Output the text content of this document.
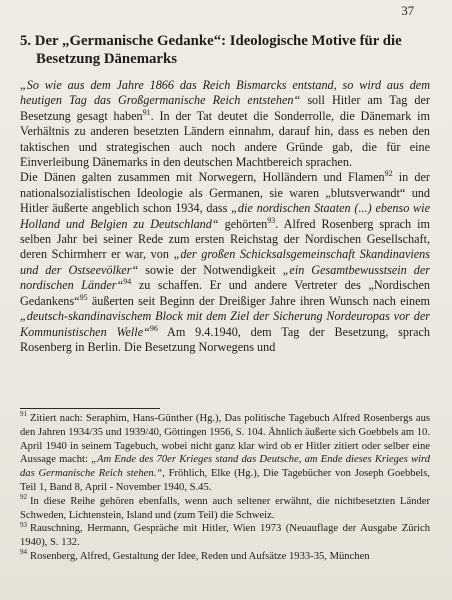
37
5. Der „Germanische Gedanke“: Ideologische Motive für die
Besetzung Dänemarks

„So wie aus dem Jahre 1866 das Reich Bismarcks entstand, so wird aus dem heutigen Tag das Großgermanische Reich entstehen“ soll Hitler am Tag der Besetzung gesagt haben$^{91}$. In der Tat deutet die Sonderrolle, die Dänemark im Verhältnis zu anderen besetzten Ländern einnahm, darauf hin, dass es neben den taktischen und strategischen auch noch andere Gründe gab, die für eine Einverleibung Dänemarks in den deutschen Machtbereich sprachen.

Die Dänen galten zusammen mit Norwegern, Holländern und Flamen$^{92}$ in der nationalsozialistischen Ideologie als Germanen, sie waren „blutsverwandt“ und Hitler äußerte angeblich schon 1934, dass „die nordischen Staaten (...) ebenso wie Holland und Belgien zu Deutschland“ gehörten$^{93}$. Alfred Rosenberg sprach im selben Jahr bei seiner Rede zum ersten Reichstag der Nordischen Gesellschaft, deren Schirmherr er war, von „der großen Schicksalsgemeinschaft Skandinaviens und der Ostseevölker“ sowie der Notwendigkeit „ein Gesamtbewusstsein der nordischen Länder“$^{94}$ zu schaffen. Er und andere Vertreter des „Nordischen Gedankens“$^{95}$ äußerten seit Beginn der Dreißiger Jahre ihren Wunsch nach einem „deutsch-skandinavischem Block mit dem Ziel der Sicherung Nordeuropas vor der Kommunistischen Welle“$^{96}$ Am 9.4.1940, dem Tag der Besetzung, sprach Rosenberg in Berlin. Die Besetzung Norwegens und

$^{91}$ Zitiert nach: Seraphim, Hans-Günther (Hg.), Das politische Tagebuch Alfred Rosenbergs aus den Jahren 1934/35 und 1939/40, Göttingen 1956, S. 104. Ähnlich äußerte sich Goebbels am 10. April 1940 in seinem Tagebuch, wobei nicht ganz klar wird ob er Hitler zitiert oder selber eine Aussage macht: „Am Ende des 70er Krieges stand das Deutsche, am Ende dieses Krieges wird das Germanische Reich stehen.“, Fröhlich, Elke (Hg.), Die Tagebücher von Joseph Goebbels, Teil 1, Band 8, April - November 1940, S.45.

$^{92}$ In diese Reihe gehören ebenfalls, wenn auch seltener erwähnt, die nichtbesetzten Länder Schweden, Lichtenstein, Island und (zum Teil) die Schweiz.

$^{93}$ Rauschning, Hermann, Gespräche mit Hitler, Wien 1973 (Neuauflage der Ausgabe Zürich 1940), S. 132.

$^{94}$ Rosenberg, Alfred, Gestaltung der Idee, Reden und Aufsätze 1933-35, München
